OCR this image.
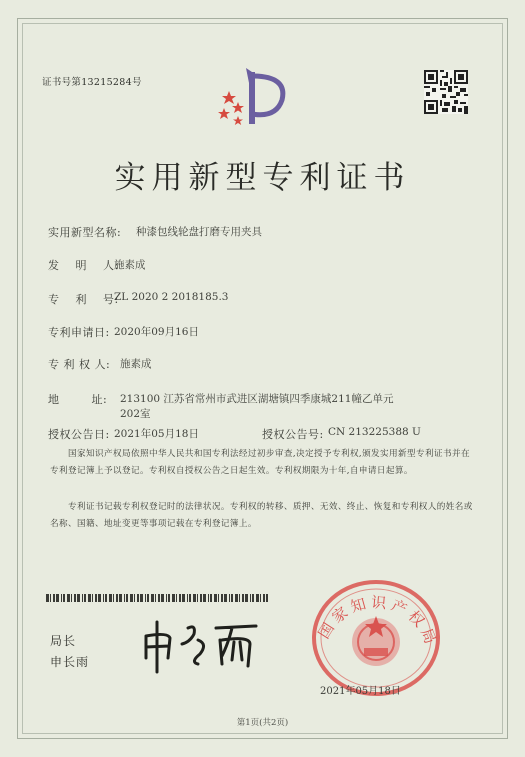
证书号第13215284号
实用新型专利证书
实用新型名称: 种漆包线轮盘打磨专用夹具
发    明    人:
施素成
专    利    号:
ZL 2020 2 2018185.3
专利申请日: 2020年09月16日
专 利 权 人: 施素成
地        址: 213100 江苏省常州市武进区湖塘镇四季康城211幢乙单元
202室
授权公告日: 2021年05月18日	授权公告号: CN 213225388 U
国家知识产权局依照中华人民共和国专利法经过初步审查,决定授予专利权,颁发实用新型专利证书并在专利登记簿上予以登记。专利权自授权公告之日起生效。专利权期限为十年,自申请日起算。
专利证书记载专利权登记时的法律状况。专利权的转移、质押、无效、终止、恢复和专利权人的姓名或名称、国籍、地址变更等事项记载在专利登记簿上。
局长
申长雨
国家知识产权局
2021年05月18日
第1页(共2页)
